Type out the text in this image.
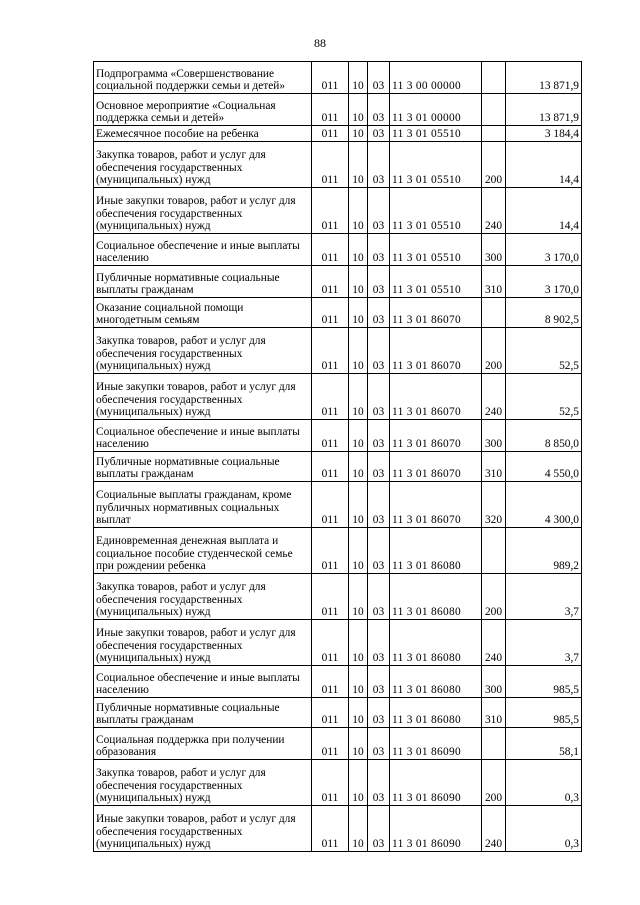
88
Подпрограмма «Совершенствование социальной поддержки семьи и детей»	011	10	03	11 3 00 00000		13 871,9
Основное мероприятие «Социальная поддержка семьи и детей»	011	10	03	11 3 01 00000		13 871,9
Ежемесячное пособие на ребенка	011	10	03	11 3 01 05510		3 184,4
Закупка товаров, работ и услуг для обеспечения государственных (муниципальных) нужд	011	10	03	11 3 01 05510	200	14,4
Иные закупки товаров, работ и услуг для обеспечения государственных (муниципальных) нужд	011	10	03	11 3 01 05510	240	14,4
Социальное обеспечение и иные выплаты населению	011	10	03	11 3 01 05510	300	3 170,0
Публичные нормативные социальные выплаты гражданам	011	10	03	11 3 01 05510	310	3 170,0
Оказание социальной помощи многодетным семьям	011	10	03	11 3 01 86070		8 902,5
Закупка товаров, работ и услуг для обеспечения государственных (муниципальных) нужд	011	10	03	11 3 01 86070	200	52,5
Иные закупки товаров, работ и услуг для обеспечения государственных (муниципальных) нужд	011	10	03	11 3 01 86070	240	52,5
Социальное обеспечение и иные выплаты населению	011	10	03	11 3 01 86070	300	8 850,0
Публичные нормативные социальные выплаты гражданам	011	10	03	11 3 01 86070	310	4 550,0
Социальные выплаты гражданам, кроме публичных нормативных социальных выплат	011	10	03	11 3 01 86070	320	4 300,0
Единовременная денежная выплата и социальное пособие студенческой семье при рождении ребенка	011	10	03	11 3 01 86080		989,2
Закупка товаров, работ и услуг для обеспечения государственных (муниципальных) нужд	011	10	03	11 3 01 86080	200	3,7
Иные закупки товаров, работ и услуг для обеспечения государственных (муниципальных) нужд	011	10	03	11 3 01 86080	240	3,7
Социальное обеспечение и иные выплаты населению	011	10	03	11 3 01 86080	300	985,5
Публичные нормативные социальные выплаты гражданам	011	10	03	11 3 01 86080	310	985,5
Социальная поддержка при получении образования	011	10	03	11 3 01 86090		58,1
Закупка товаров, работ и услуг для обеспечения государственных (муниципальных) нужд	011	10	03	11 3 01 86090	200	0,3
Иные закупки товаров, работ и услуг для обеспечения государственных (муниципальных) нужд	011	10	03	11 3 01 86090	240	0,3
